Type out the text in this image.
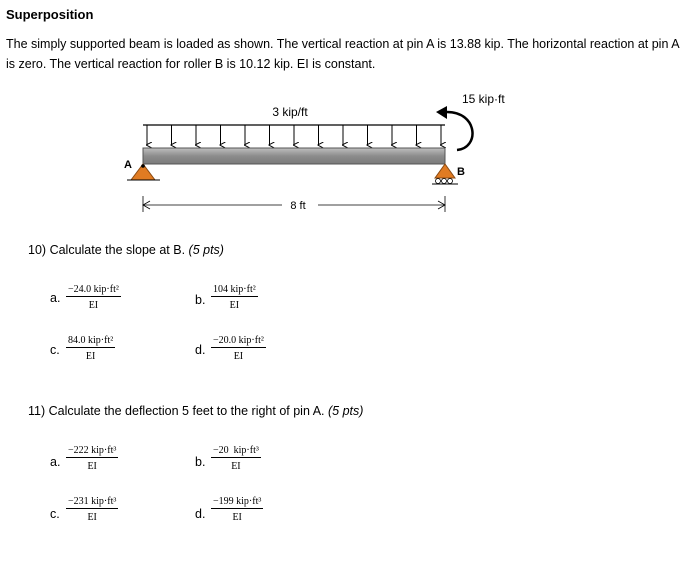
Superposition
The simply supported beam is loaded as shown. The vertical reaction at pin A is 13.88 kip. The horizontal reaction at pin A is zero. The vertical reaction for roller B is 10.12 kip. EI is constant.
3 kip/ft
A
B
15 kip·ft
8 ft
10) Calculate the slope at B. (5 pts)
a.
−24.0 kip·ft²
EI	b.
104 kip·ft²
EI
c.
84.0 kip·ft²
EI	d.
−20.0 kip·ft²
EI
11) Calculate the deflection 5 feet to the right of pin A. (5 pts)
a.
−222 kip·ft³
EI	b.
−20  kip·ft³
EI
c.
−231 kip·ft³
EI	d.
−199 kip·ft³
EI
